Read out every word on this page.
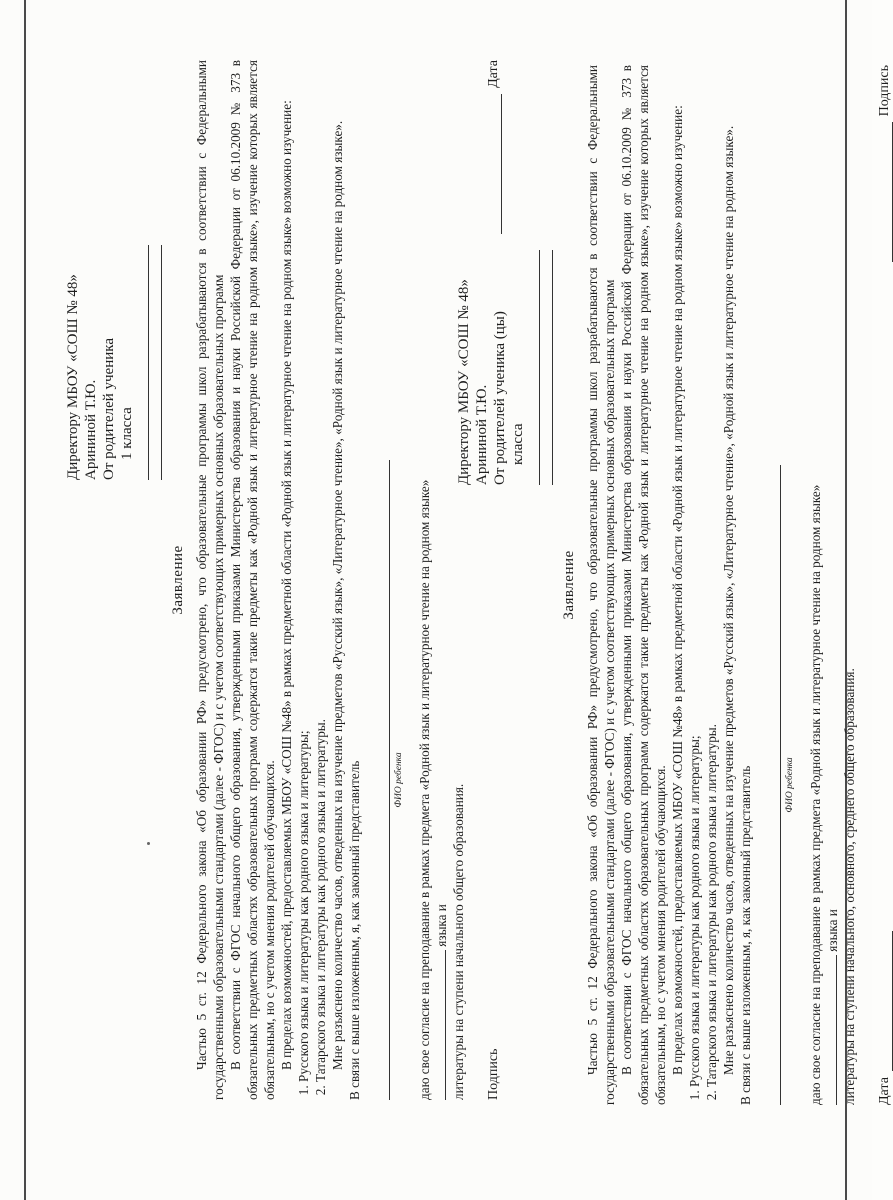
Директору МБОУ «СОШ № 48» Арининой Т.Ю. От родителей ученика 1 класса
Заявление Частью 5 ст. 12 Федерального закона «Об образовании РФ» предусмотрено, что образовательные программы школ разрабатываются в соответствии с Федеральными государственными образовательными стандартами (далее - ФГОС) и с учетом соответствующих примерных основных образовательных программ В соответствии с ФГОС начального общего образования, утвержденными приказами Министерства образования и науки Российской Федерации от 06.10.2009 № 373 в обязательных предметных областях образовательных программ содержатся такие предметы как «Родной язык и литературное чтение на родном языке», изучение которых является обязательным, но с учетом мнения родителей обучающихся. В пределах возможностей, предоставляемых МБОУ «СОШ №48» в рамках предметной области «Родной язык и литературное чтение на родном языке» возможно изучение: 1. Русского языка и литературы как родного языка и литературы; 2. Татарского языка и литературы как родного языка и литературы. Мне разъяснено количество часов, отведенных на изучение предметов «Русский язык», «Литературное чтение», «Родной язык и литературное чтение на родном языке». В связи с выше изложенным, я, как законный представитель	ФИО ребенка даю свое согласие на преподавание в рамках предмета «Родной язык и литературное чтение на родном языке» языка и литературы на ступени начального общего образования. Подпись
Дата
Директору МБОУ «СОШ № 48» Арининой Т.Ю. От родителей ученика (цы) класса
Заявление Частью 5 ст. 12 Федерального закона «Об образовании РФ» предусмотрено, что образовательные программы школ разрабатываются в соответствии с Федеральными государственными образовательными стандартами (далее - ФГОС) и с учетом соответствующих примерных основных образовательных программ В соответствии с ФГОС начального общего образования, утвержденными приказами Министерства образования и науки Российской Федерации от 06.10.2009 № 373 в обязательных предметных областях образовательных программ содержатся такие предметы как «Родной язык и литературное чтение на родном языке», изучение которых является обязательным, но с учетом мнения родителей обучающихся. В пределах возможностей, предоставляемых МБОУ «СОШ №48» в рамках предметной области «Родной язык и литературное чтение на родном языке» возможно изучение: 1. Русского языка и литературы как родного языка и литературы; 2. Татарского языка и литературы как родного языка и литературы. Мне разъяснено количество часов, отведенных на изучение предметов «Русский язык», «Литературное чтение», «Родной язык и литературное чтение на родном языке». В связи с выше изложенным, я, как законный представитель	ФИО ребенка даю свое согласие на преподавание в рамках предмета «Родной язык и литературное чтение на родном языке» языка и литературы на ступени начального, основного, среднего общего образования. Дата
Подпись
